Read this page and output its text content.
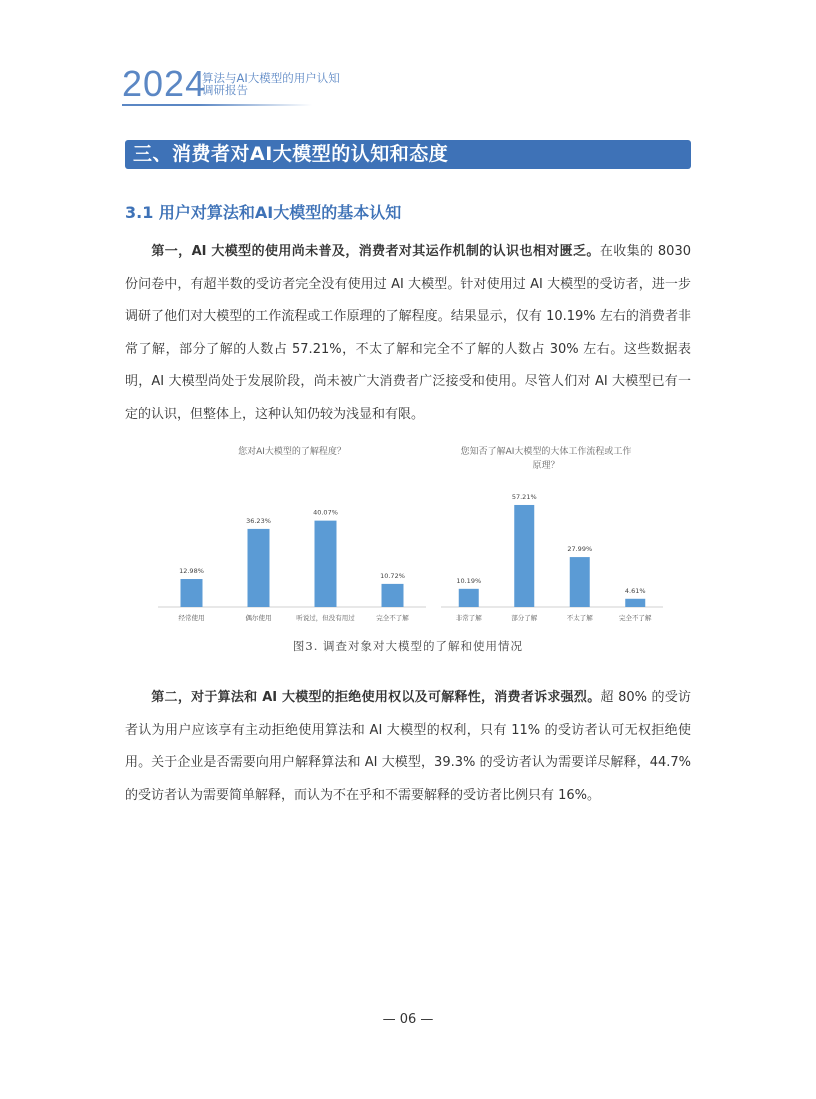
2024
算法与AI大模型的用户认知
调研报告
三、消费者对AI大模型的认知和态度
3.1 用户对算法和AI大模型的基本认知

第一，AI 大模型的使用尚未普及，消费者对其运作机制的认识也相对匮乏。在收集的 8030 份问卷中，有超半数的受访者完全没有使用过 AI 大模型。针对使用过 AI 大模型的受访者，进一步调研了他们对大模型的工作流程或工作原理的了解程度。结果显示，仅有 10.19% 左右的消费者非常了解，部分了解的人数占 57.21%，不太了解和完全不了解的人数占 30% 左右。这些数据表明，AI 大模型尚处于发展阶段，尚未被广大消费者广泛接受和使用。尽管人们对 AI 大模型已有一定的认识，但整体上，这种认知仍较为浅显和有限。

您对AI大模型的了解程度？
12.98%
经常使用
36.23%
偶尔使用
40.07%
听说过，但没有用过
10.72%
完全不了解
您知否了解AI大模型的大体工作流程或工作
原理？
10.19%
非常了解
57.21%
部分了解
27.99%
不太了解
4.61%
完全不了解
图3. 调查对象对大模型的了解和使用情况

第二，对于算法和 AI 大模型的拒绝使用权以及可解释性，消费者诉求强烈。超 80% 的受访者认为用户应该享有主动拒绝使用算法和 AI 大模型的权利，只有 11% 的受访者认可无权拒绝使用。关于企业是否需要向用户解释算法和 AI 大模型，39.3% 的受访者认为需要详尽解释，44.7% 的受访者认为需要简单解释，而认为不在乎和不需要解释的受访者比例只有 16%。

— 06 —
